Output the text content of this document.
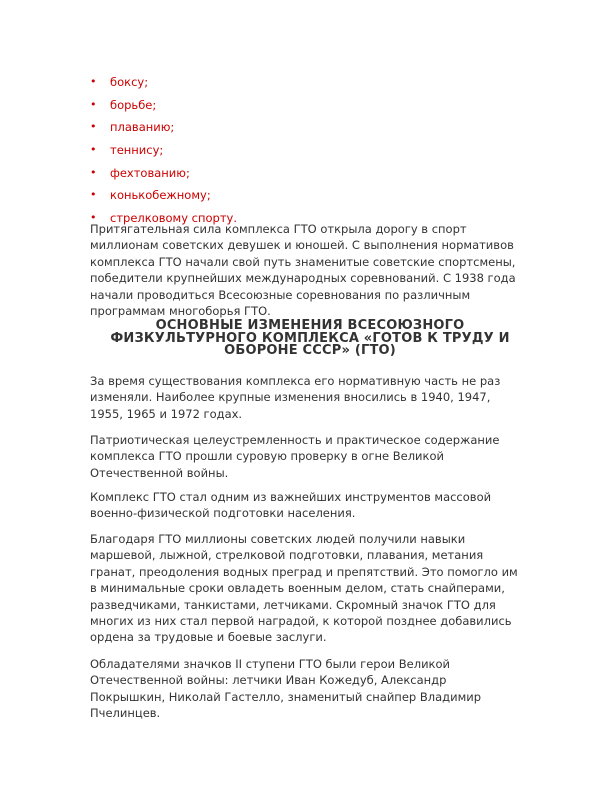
• боксу;
• борьбе;
• плаванию;
• теннису;
• фехтованию;
• конькобежному;
• стрелковому спорту.

Притягательная сила комплекса ГТО открыла дорогу в спорт миллионам советских девушек и юношей. С выполнения нормативов комплекса ГТО начали свой путь знаменитые советские спортсмены, победители крупнейших международных соревнований. С 1938 года начали проводиться Всесоюзные соревнования по различным программам многоборья ГТО.

ОСНОВНЫЕ ИЗМЕНЕНИЯ ВСЕСОЮЗНОГО ФИЗКУЛЬТУРНОГО КОМПЛЕКСА «ГОТОВ К ТРУДУ И ОБОРОНЕ СССР» (ГТО)

За время существования комплекса его нормативную часть не раз изменяли. Наиболее крупные изменения вносились в 1940, 1947, 1955, 1965 и 1972 годах.

Патриотическая целеустремленность и практическое содержание комплекса ГТО прошли суровую проверку в огне Великой Отечественной войны.

Комплекс ГТО стал одним из важнейших инструментов массовой военно-физической подготовки населения.

Благодаря ГТО миллионы советских людей получили навыки маршевой, лыжной, стрелковой подготовки, плавания, метания гранат, преодоления водных преград и препятствий. Это помогло им в минимальные сроки овладеть военным делом, стать снайперами, разведчиками, танкистами, летчиками. Скромный значок ГТО для многих из них стал первой наградой, к которой позднее добавились ордена за трудовые и боевые заслуги.

Обладателями значков II ступени ГТО были герои Великой Отечественной войны: летчики Иван Кожедуб, Александр Покрышкин, Николай Гастелло, знаменитый снайпер Владимир Пчелинцев.
